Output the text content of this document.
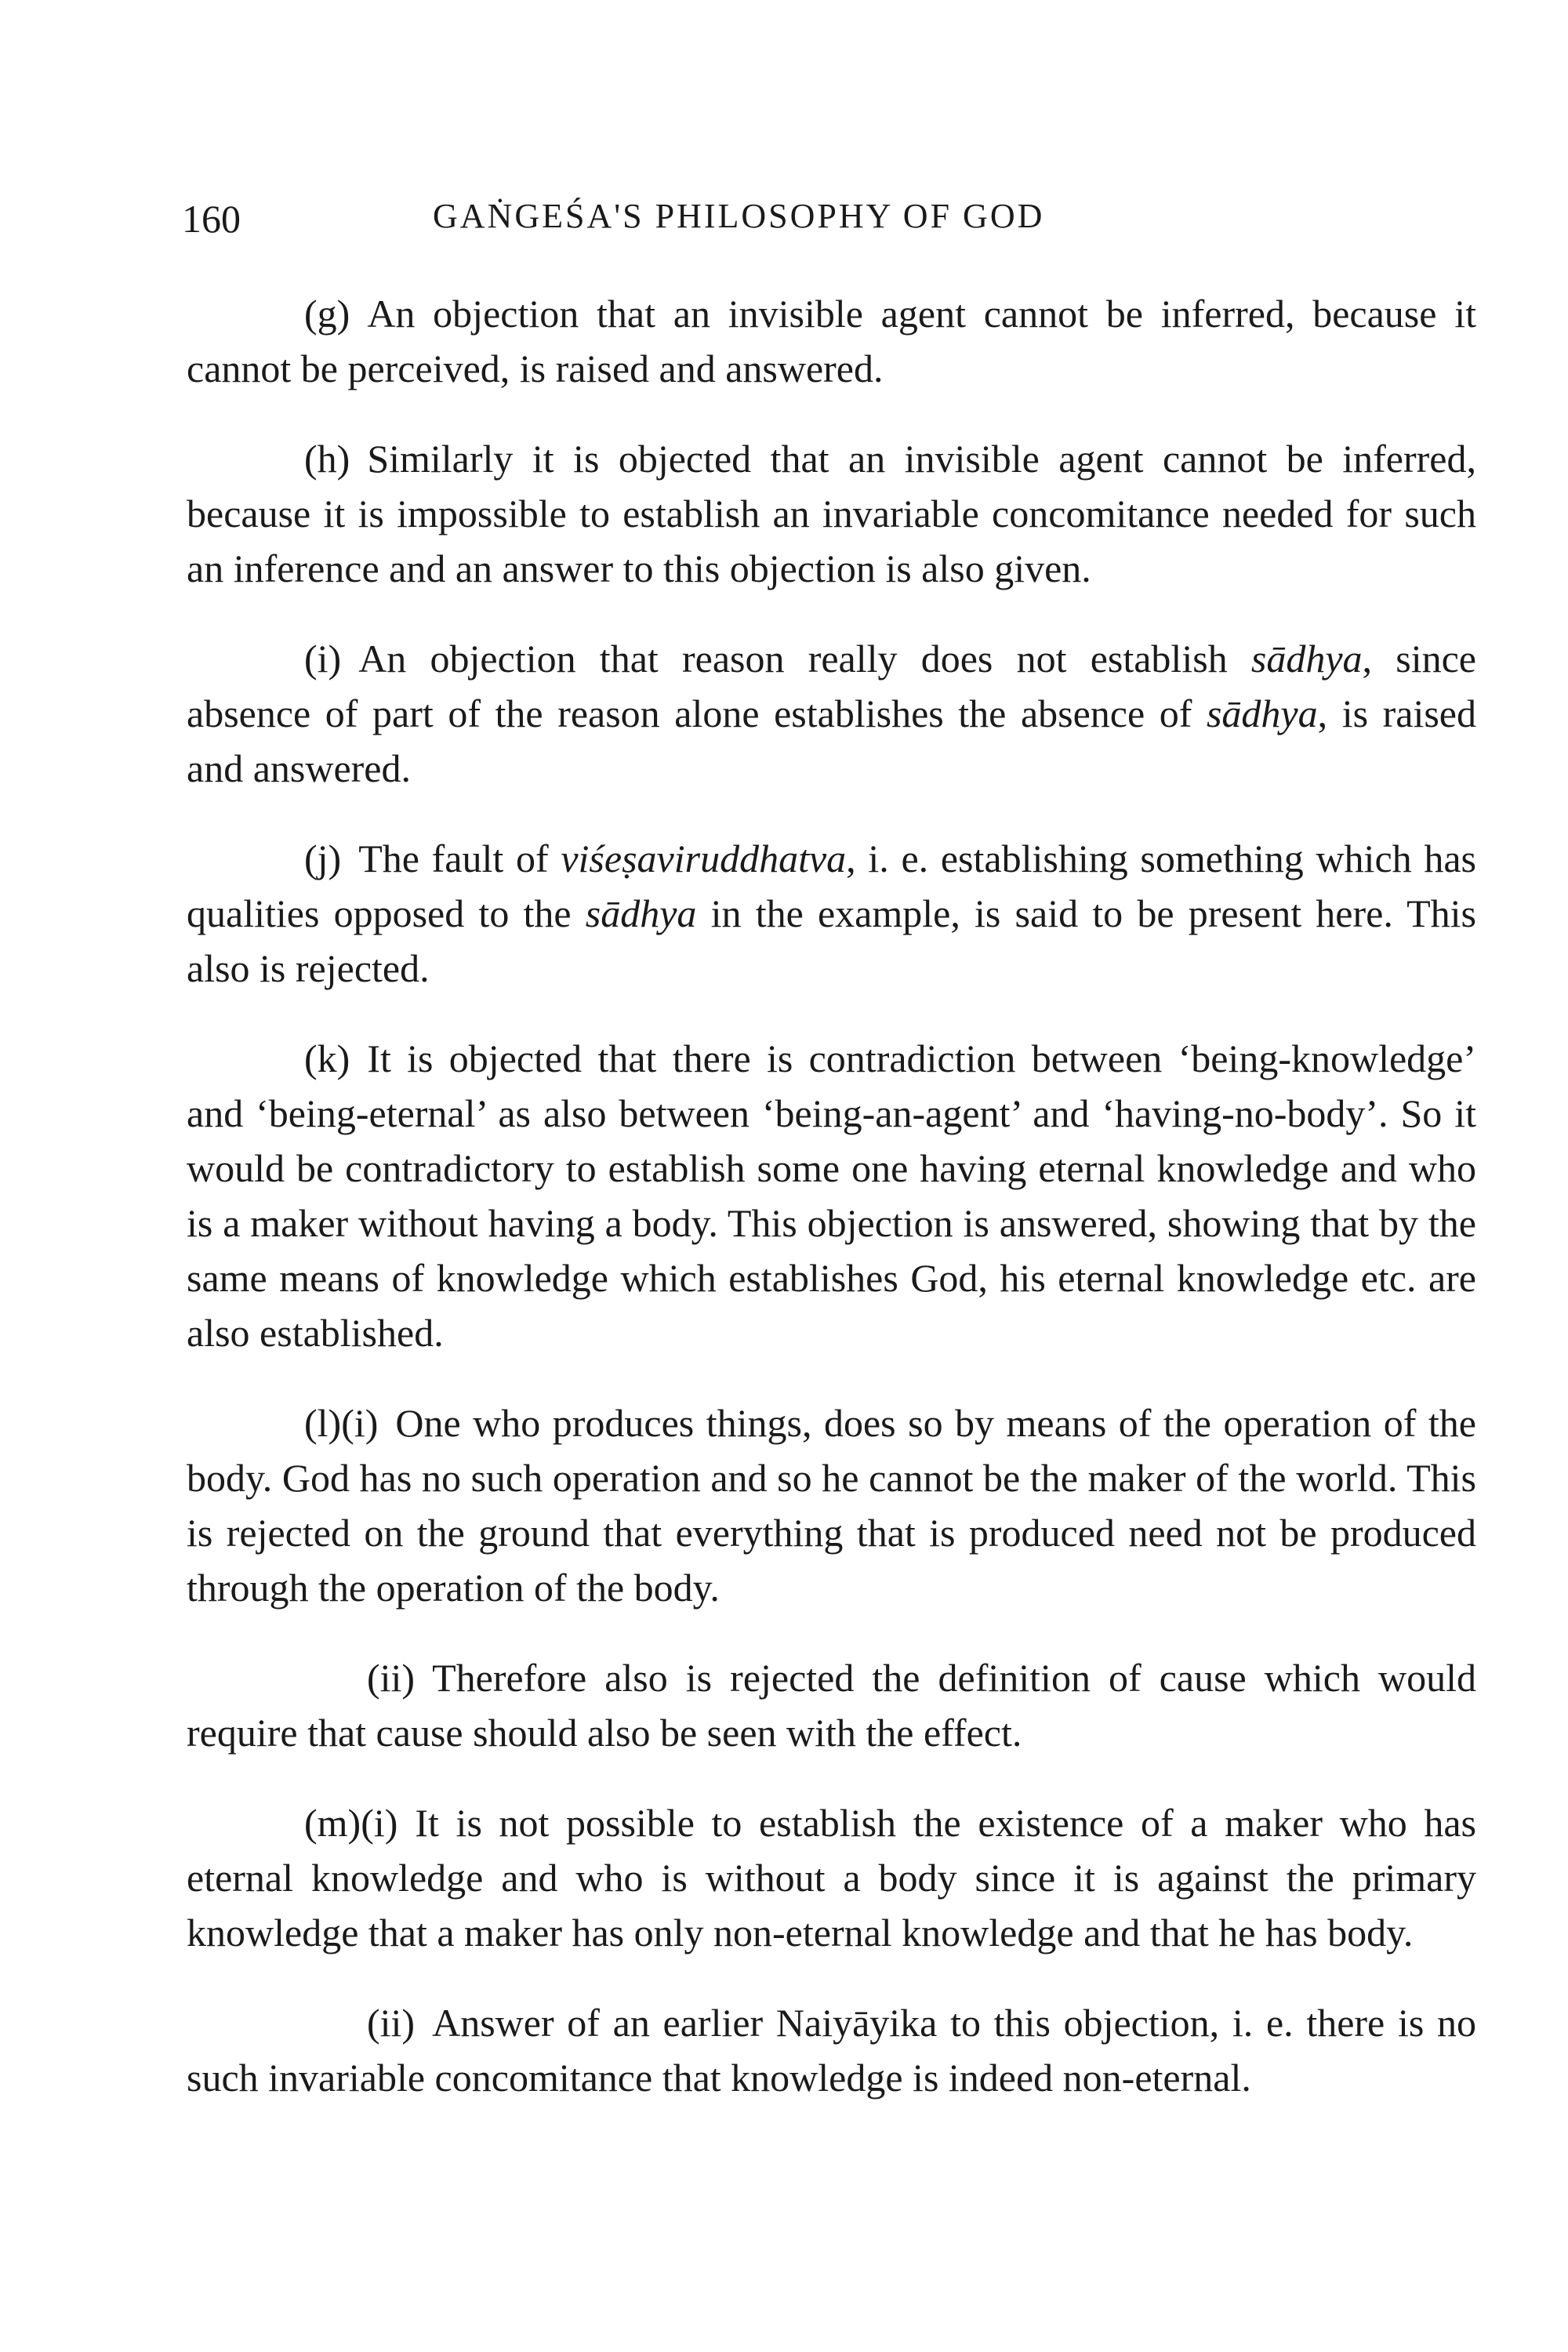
160	GAṄGEŚA'S PHILOSOPHY OF GOD

(g) An objection that an invisible agent cannot be inferred, because it cannot be perceived, is raised and answered.

(h) Similarly it is objected that an invisible agent cannot be inferred, because it is impossible to establish an invariable concomitance needed for such an inference and an answer to this objection is also given.

(i) An objection that reason really does not establish sādhya, since absence of part of the reason alone establishes the absence of sādhya, is raised and answered.

(j) The fault of viśeṣaviruddhatva, i. e. establishing something which has qualities opposed to the sādhya in the example, is said to be present here. This also is rejected.

(k) It is objected that there is contradiction between ‘being-knowledge’ and ‘being-eternal’ as also between ‘being-an-agent’ and ‘having-no-body’. So it would be contradictory to establish some one having eternal knowledge and who is a maker without having a body. This objection is answered, showing that by the same means of knowledge which establishes God, his eternal knowledge etc. are also established.

(l)(i) One who produces things, does so by means of the operation of the body. God has no such operation and so he cannot be the maker of the world. This is rejected on the ground that everything that is produced need not be produced through the operation of the body.

(ii) Therefore also is rejected the definition of cause which would require that cause should also be seen with the effect.

(m)(i) It is not possible to establish the existence of a maker who has eternal knowledge and who is without a body since it is against the primary knowledge that a maker has only non-eternal knowledge and that he has body.

(ii) Answer of an earlier Naiyāyika to this objection, i. e. there is no such invariable concomitance that knowledge is indeed non-eternal.
